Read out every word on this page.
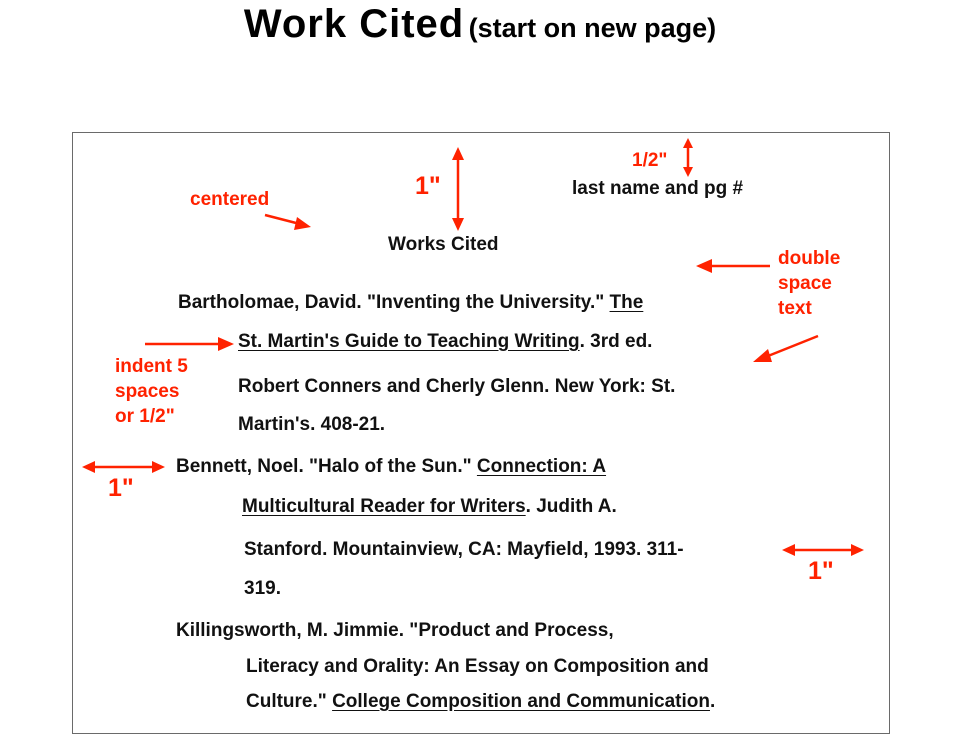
Work Cited (start on new page)
1/2"
1"
centered
double
space
text
indent 5
spaces
or 1/2"
1"
1"
last name and pg #
Works Cited
Bartholomae, David. "Inventing the University." The
St. Martin's Guide to Teaching Writing. 3rd ed.
Robert Conners and Cherly Glenn. New York: St.
Martin's. 408-21.
Bennett, Noel. "Halo of the Sun." Connection: A
Multicultural Reader for Writers. Judith A.
Stanford. Mountainview, CA: Mayfield, 1993. 311-
319.
Killingsworth, M. Jimmie. "Product and Process,
Literacy and Orality: An Essay on Composition and
Culture." College Composition and Communication.
